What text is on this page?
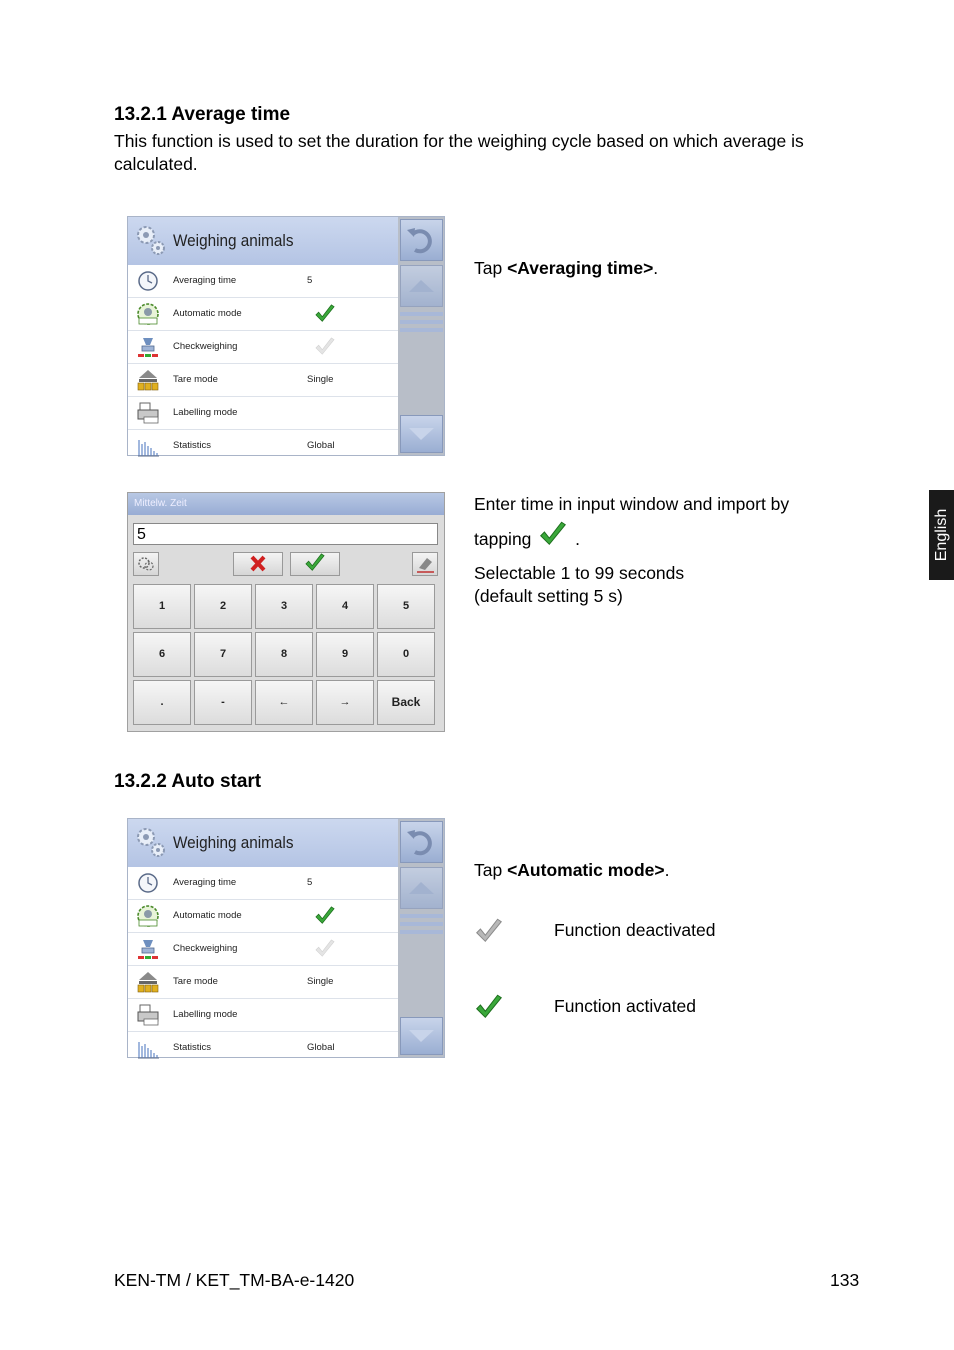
13.2.1 Average time
This function is used to set the duration for the weighing cycle based on which average is calculated.
Weighing animals
Averaging time	5
Automatic mode
Checkweighing
Tare mode	Single
Labelling mode
Statistics	Global
Tap <Averaging time>.
Mittelw. Zeit
5
1	2	3	4	5
6	7	8	9	0
.	-	←	→	Back
Enter time in input window and import by
tapping	.
Selectable 1 to 99 seconds
(default setting 5 s)
13.2.2 Auto start
Weighing animals
Averaging time	5
Automatic mode
Checkweighing
Tare mode	Single
Labelling mode
Statistics	Global
Tap <Automatic mode>.
Function deactivated
Function activated
English
KEN-TM / KET_TM-BA-e-1420	133
